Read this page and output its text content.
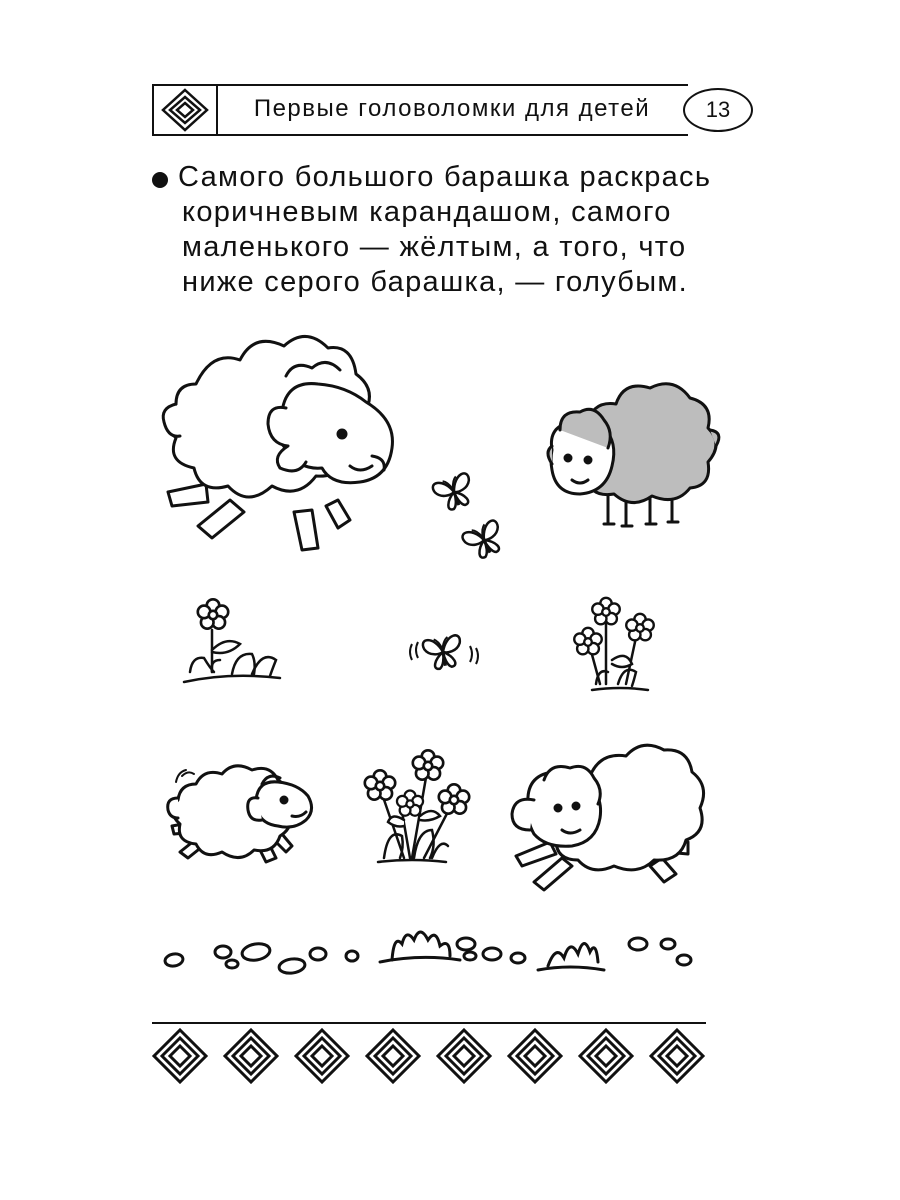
Первые головоломки для детей	13
Самого большого барашка раскрась
коричневым карандашом, самого
маленького — жёлтым, а того, что
ниже серого барашка, — голубым.
